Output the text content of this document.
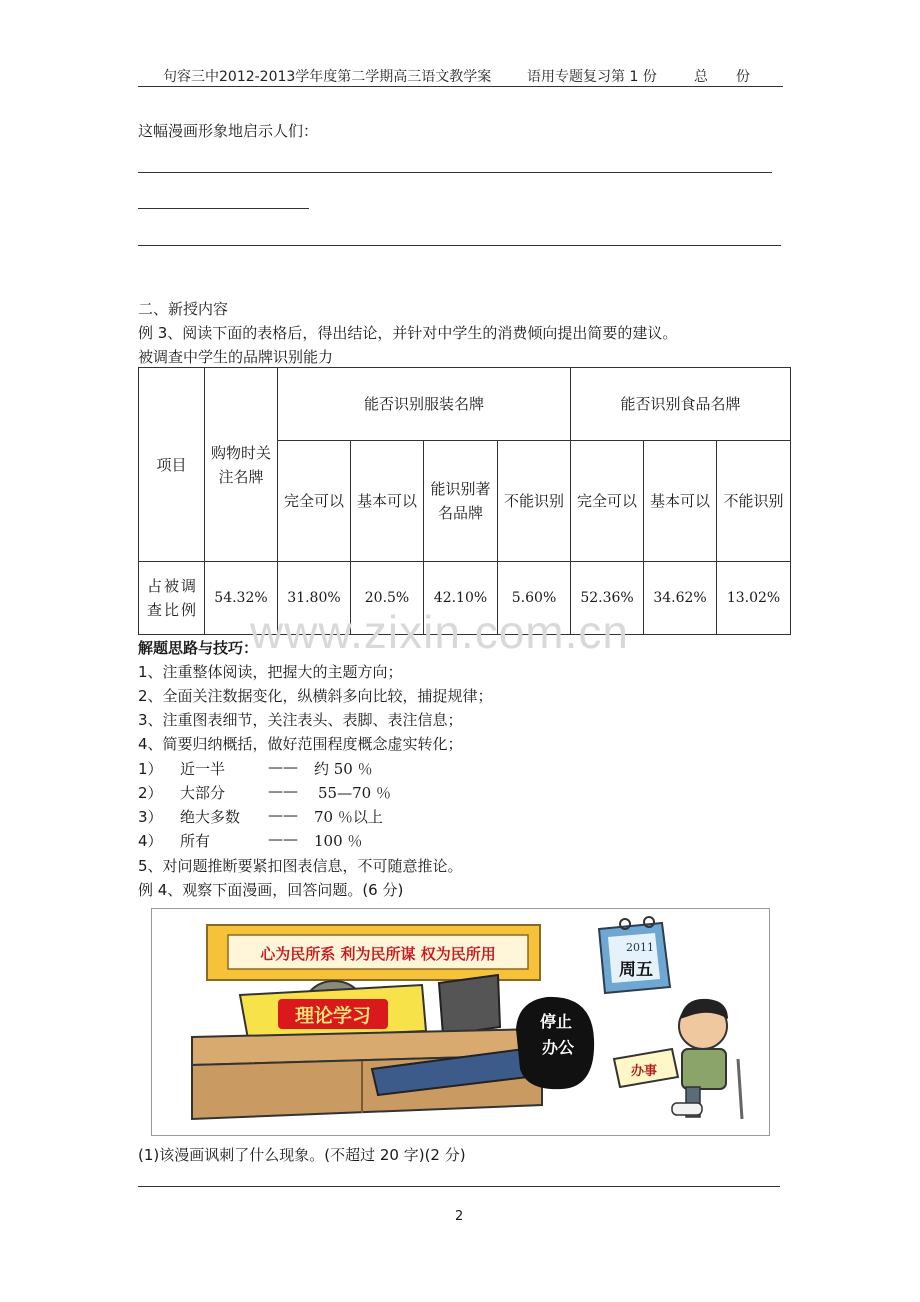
句容三中2012-2013学年度第二学期高三语文教学案	语用专题复习第 1 份	总 份
这幅漫画形象地启示人们：
二、新授内容
例 3、阅读下面的表格后，得出结论，并针对中学生的消费倾向提出简要的建议。
被调查中学生的品牌识别能力
项目	购物时关注名牌	能否识别服装名牌				能否识别食品名牌		
		完全可以	基本可以	能识别著名品牌	不能识别	完全可以	基本可以	不能识别
占被调查比例	54.32%	31.80%	20.5%	42.10%	5.60%	52.36%	34.62%	13.02%
www.zixin.com.cn
解题思路与技巧：
1、注重整体阅读，把握大的主题方向；
2、全面关注数据变化，纵横斜多向比较，捕捉规律；
3、注重图表细节，关注表头、表脚、表注信息；
4、简要归纳概括，做好范围程度概念虚实转化；
1） 近一半	—— 约 50 ％
2） 大部分	—— 55—70 ％
3） 绝大多数 —— 70 ％以上
4） 所有	—— 100 ％
5、对问题推断要紧扣图表信息，不可随意推论。
例 4、观察下面漫画，回答问题。(6 分)
心为民所系 利为民所谋 权为民所用	2011
周五
理论学习	停止
办公
办事
(1)该漫画讽刺了什么现象。(不超过 20 字)(2 分)
2
